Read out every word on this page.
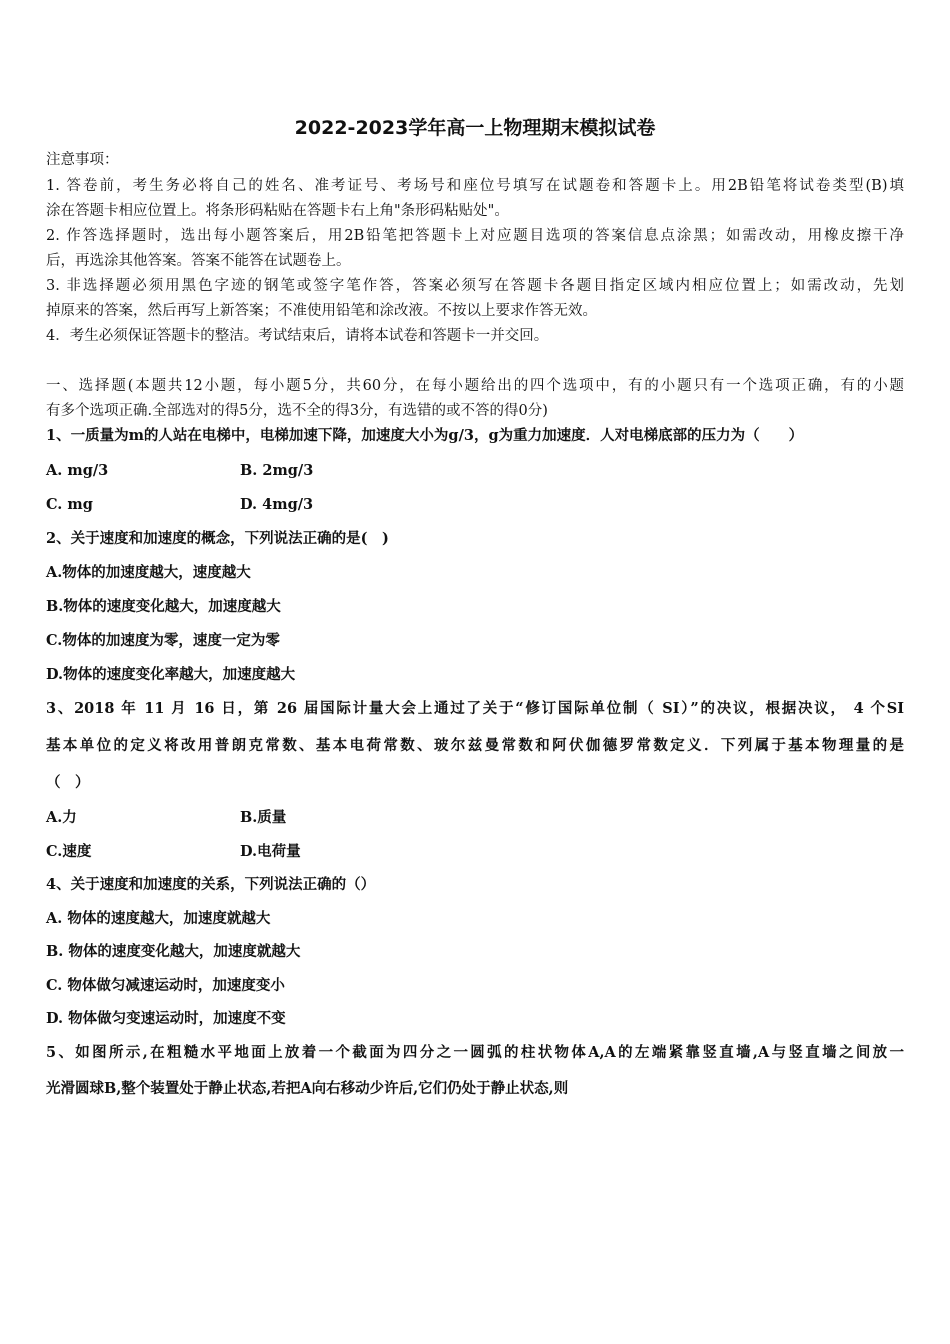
2022-2023学年高一上物理期末模拟试卷
注意事项：
1. 答卷前，考生务必将自己的姓名、准考证号、考场号和座位号填写在试题卷和答题卡上。用2B铅笔将试卷类型(B)填
涂在答题卡相应位置上。将条形码粘贴在答题卡右上角"条形码粘贴处"。
2. 作答选择题时，选出每小题答案后，用2B铅笔把答题卡上对应题目选项的答案信息点涂黑；如需改动，用橡皮擦干净
后，再选涂其他答案。答案不能答在试题卷上。
3. 非选择题必须用黑色字迹的钢笔或签字笔作答，答案必须写在答题卡各题目指定区域内相应位置上；如需改动，先划
掉原来的答案，然后再写上新答案；不准使用铅笔和涂改液。不按以上要求作答无效。
4．考生必须保证答题卡的整洁。考试结束后，请将本试卷和答题卡一并交回。
一、选择题(本题共12小题，每小题5分，共60分，在每小题给出的四个选项中，有的小题只有一个选项正确，有的小题
有多个选项正确.全部选对的得5分，选不全的得3分，有选错的或不答的得0分)
1、一质量为m的人站在电梯中，电梯加速下降，加速度大小为g/3，g为重力加速度．人对电梯底部的压力为（　　）
A. mg/3	B. 2mg/3
C. mg	D. 4mg/3
2、关于速度和加速度的概念，下列说法正确的是(　)
A.物体的加速度越大，速度越大
B.物体的速度变化越大，加速度越大
C.物体的加速度为零，速度一定为零
D.物体的速度变化率越大，加速度越大
3、2018 年 11 月 16 日，第 26 届国际计量大会上通过了关于“修订国际单位制（ SI）”的决议，根据决议， 4 个SI
基本单位的定义将改用普朗克常数、基本电荷常数、玻尔兹曼常数和阿伏伽德罗常数定义．下列属于基本物理量的是
（　）
A.力	B.质量
C.速度	D.电荷量
4、关于速度和加速度的关系，下列说法正确的（）
A. 物体的速度越大，加速度就越大
B. 物体的速度变化越大，加速度就越大
C. 物体做匀减速运动时，加速度变小
D. 物体做匀变速运动时，加速度不变
5、如图所示,在粗糙水平地面上放着一个截面为四分之一圆弧的柱状物体A,A的左端紧靠竖直墙,A与竖直墙之间放一
光滑圆球B,整个装置处于静止状态,若把A向右移动少许后,它们仍处于静止状态,则
